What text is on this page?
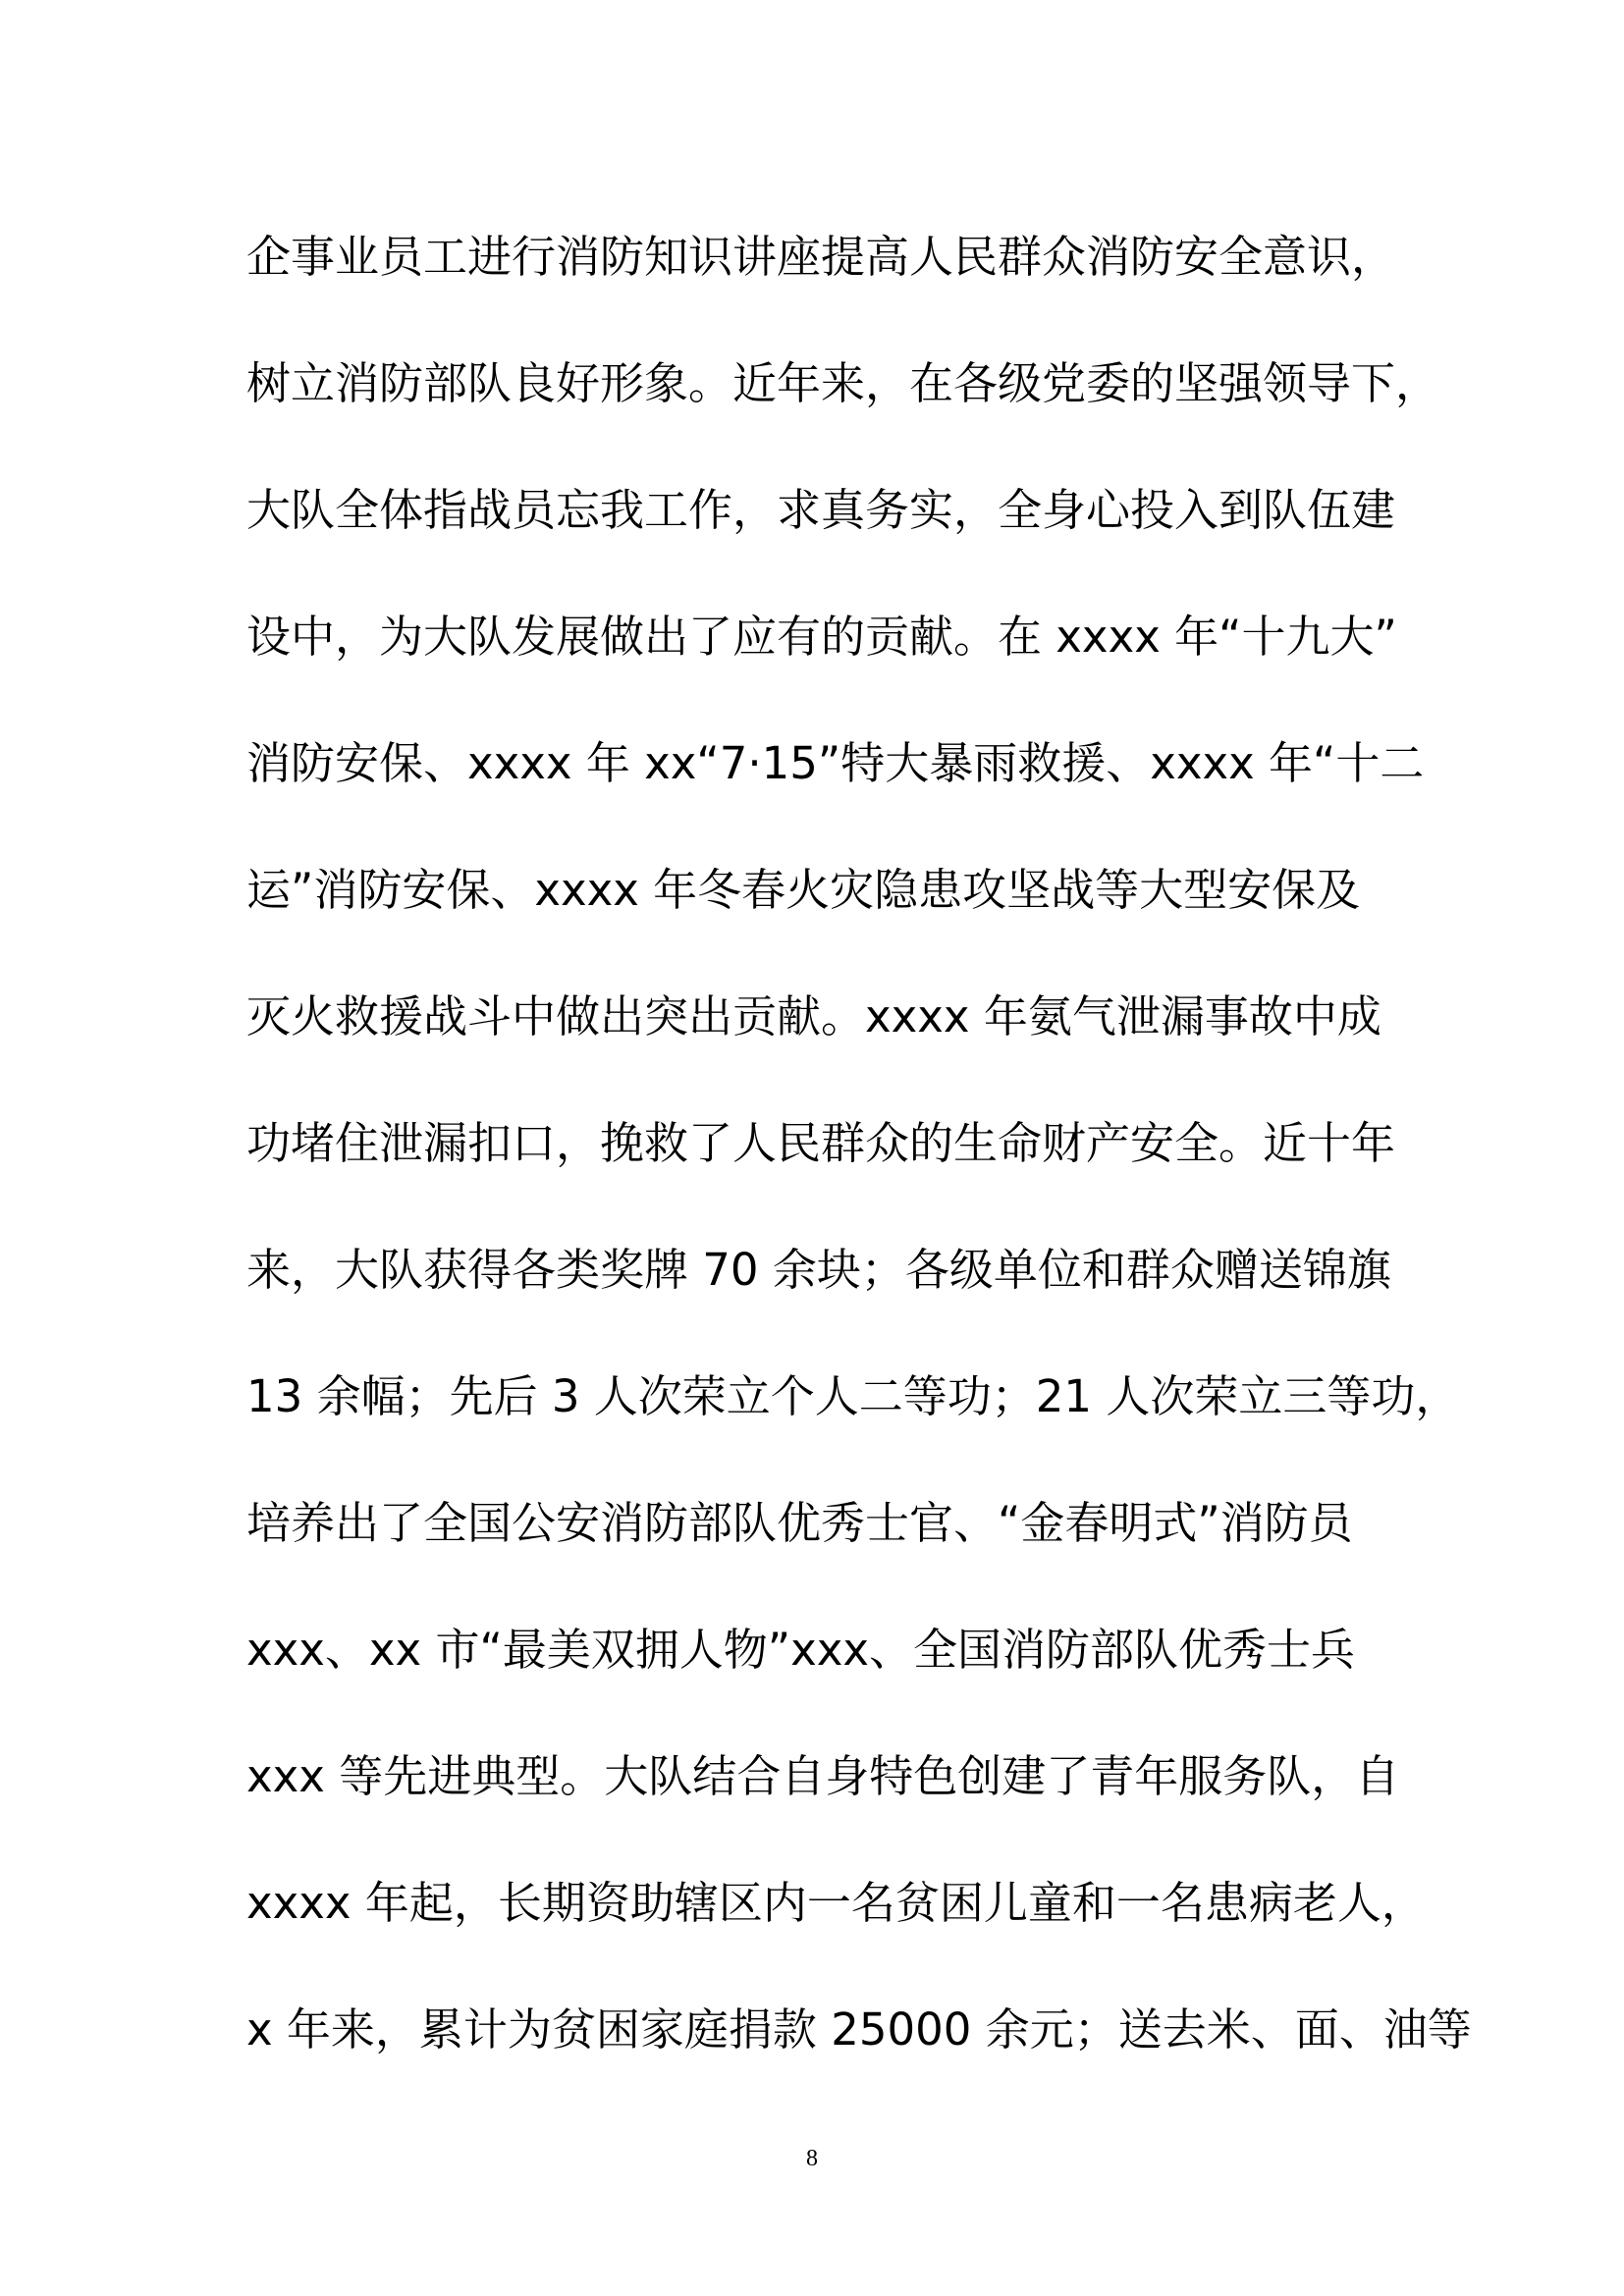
企事业员工进行消防知识讲座提高人民群众消防安全意识，
树立消防部队良好形象。近年来，在各级党委的坚强领导下，
大队全体指战员忘我工作，求真务实，全身心投入到队伍建
设中，为大队发展做出了应有的贡献。在 xxxx 年“十九大”
消防安保、xxxx 年 xx“7·15”特大暴雨救援、xxxx 年“十二
运”消防安保、xxxx 年冬春火灾隐患攻坚战等大型安保及
灭火救援战斗中做出突出贡献。xxxx 年氨气泄漏事故中成
功堵住泄漏扣口，挽救了人民群众的生命财产安全。近十年
来，大队获得各类奖牌 70 余块；各级单位和群众赠送锦旗
13 余幅；先后 3 人次荣立个人二等功；21 人次荣立三等功，
培养出了全国公安消防部队优秀士官、“金春明式”消防员
xxx、xx 市“最美双拥人物”xxx、全国消防部队优秀士兵
xxx 等先进典型。大队结合自身特色创建了青年服务队，自
xxxx 年起，长期资助辖区内一名贫困儿童和一名患病老人，
x 年来，累计为贫困家庭捐款 25000 余元；送去米、面、油等
8
